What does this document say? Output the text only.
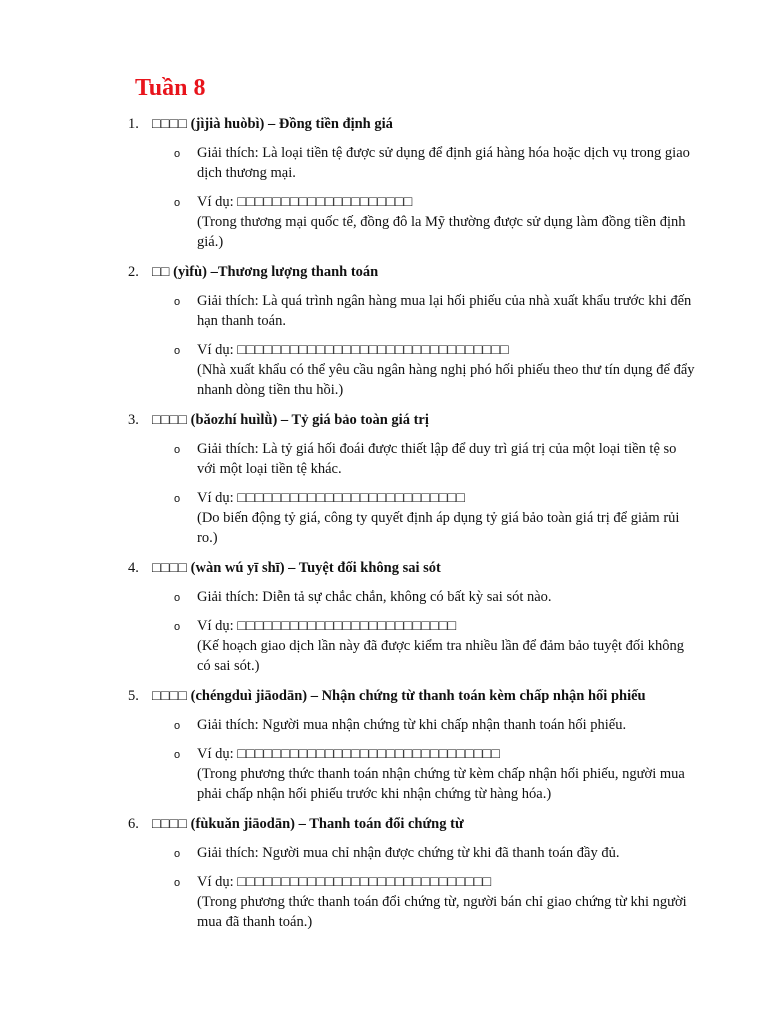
Tuần 8
1. □□□□ (jìjià huòbì) – Đồng tiền định giá
o Giải thích: Là loại tiền tệ được sử dụng để định giá hàng hóa hoặc dịch vụ trong giao dịch thương mại.
o Ví dụ: □□□□□□□□□□□□□□□□□□□□
(Trong thương mại quốc tế, đồng đô la Mỹ thường được sử dụng làm đồng tiền định giá.)
2. □□ (yìfù) –Thương lượng thanh toán
o Giải thích: Là quá trình ngân hàng mua lại hối phiếu của nhà xuất khẩu trước khi đến hạn thanh toán.
o Ví dụ: □□□□□□□□□□□□□□□□□□□□□□□□□□□□□□□
(Nhà xuất khẩu có thể yêu cầu ngân hàng nghị phó hối phiếu theo thư tín dụng để đẩy nhanh dòng tiền thu hồi.)
3. □□□□ (bǎozhí huìlǜ) – Tỷ giá bảo toàn giá trị
o Giải thích: Là tỷ giá hối đoái được thiết lập để duy trì giá trị của một loại tiền tệ so với một loại tiền tệ khác.
o Ví dụ: □□□□□□□□□□□□□□□□□□□□□□□□□□
(Do biến động tỷ giá, công ty quyết định áp dụng tỷ giá bảo toàn giá trị để giảm rủi ro.)
4. □□□□ (wàn wú yī shī) – Tuyệt đối không sai sót
o Giải thích: Diễn tả sự chắc chắn, không có bất kỳ sai sót nào.
o Ví dụ: □□□□□□□□□□□□□□□□□□□□□□□□□
(Kế hoạch giao dịch lần này đã được kiểm tra nhiều lần để đảm bảo tuyệt đối không có sai sót.)
5. □□□□ (chéngduì jiāodān) – Nhận chứng từ thanh toán kèm chấp nhận hối phiếu
o Giải thích: Người mua nhận chứng từ khi chấp nhận thanh toán hối phiếu.
o Ví dụ: □□□□□□□□□□□□□□□□□□□□□□□□□□□□□□
(Trong phương thức thanh toán nhận chứng từ kèm chấp nhận hối phiếu, người mua phải chấp nhận hối phiếu trước khi nhận chứng từ hàng hóa.)
6. □□□□ (fùkuǎn jiāodān) – Thanh toán đổi chứng từ
o Giải thích: Người mua chỉ nhận được chứng từ khi đã thanh toán đầy đủ.
o Ví dụ: □□□□□□□□□□□□□□□□□□□□□□□□□□□□□
(Trong phương thức thanh toán đổi chứng từ, người bán chỉ giao chứng từ khi người mua đã thanh toán.)
